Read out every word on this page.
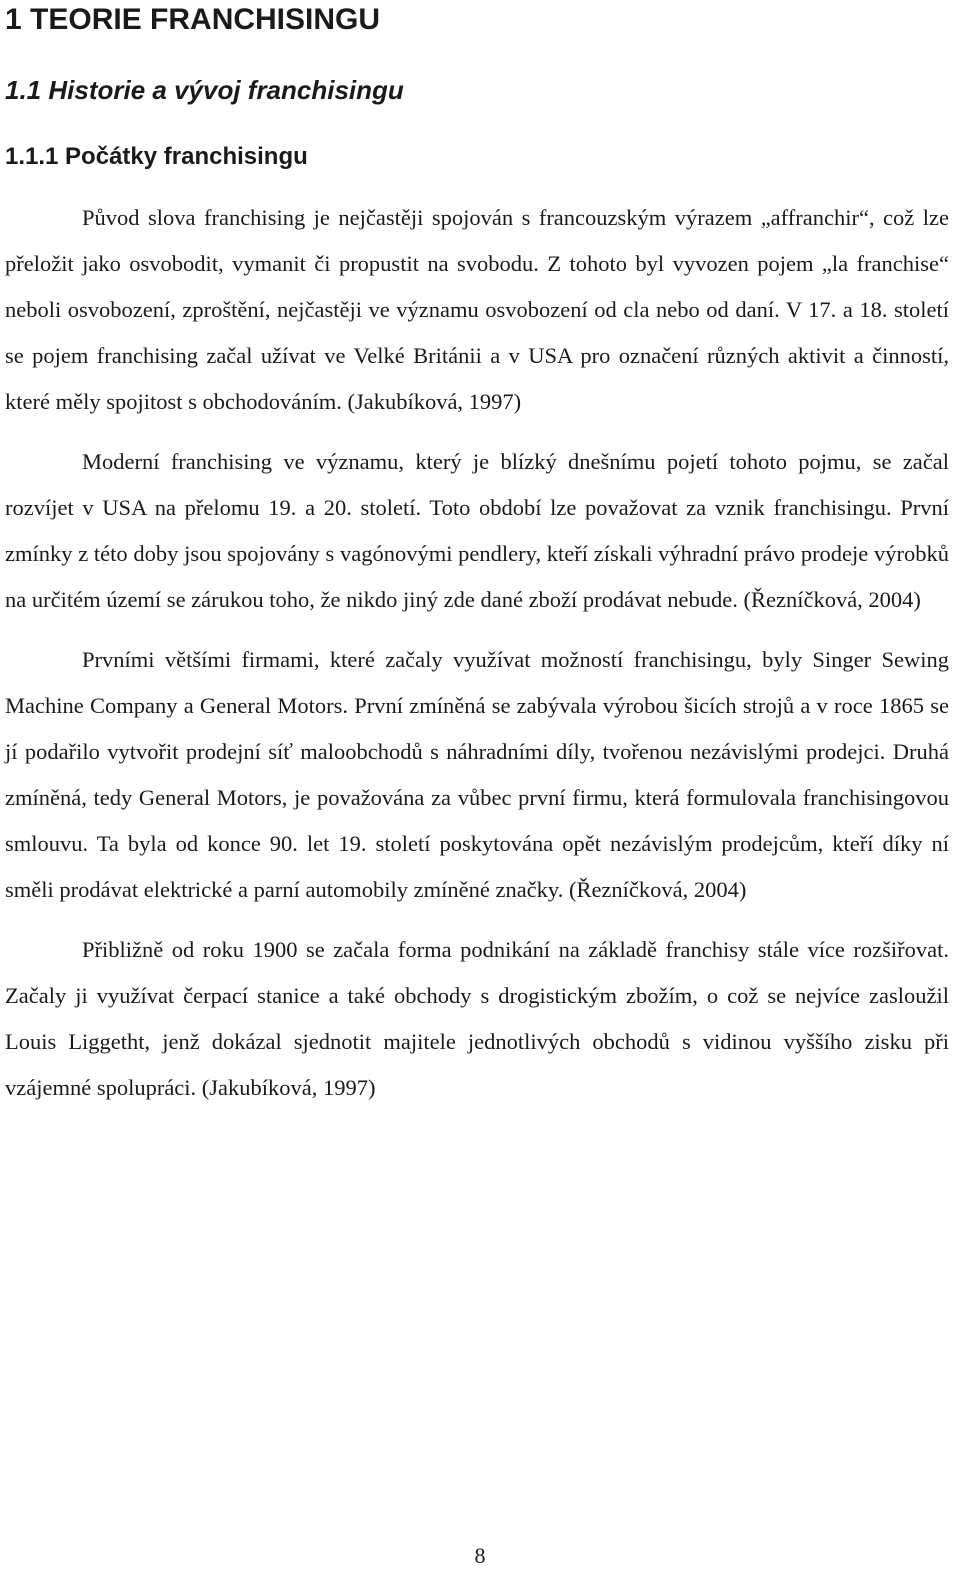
1 TEORIE FRANCHISINGU
1.1 Historie a vývoj franchisingu
1.1.1 Počátky franchisingu

Původ slova franchising je nejčastěji spojován s francouzským výrazem „affranchir“, což lze přeložit jako osvobodit, vymanit či propustit na svobodu. Z tohoto byl vyvozen pojem „la franchise“ neboli osvobození, zproštění, nejčastěji ve významu osvobození od cla nebo od daní. V 17. a 18. století se pojem franchising začal užívat ve Velké Británii a v USA pro označení různých aktivit a činností, které měly spojitost s obchodováním. (Jakubíková, 1997)

Moderní franchising ve významu, který je blízký dnešnímu pojetí tohoto pojmu, se začal rozvíjet v USA na přelomu 19. a 20. století. Toto období lze považovat za vznik franchisingu. První zmínky z této doby jsou spojovány s vagónovými pendlery, kteří získali výhradní právo prodeje výrobků na určitém území se zárukou toho, že nikdo jiný zde dané zboží prodávat nebude. (Řezníčková, 2004)

Prvními většími firmami, které začaly využívat možností franchisingu, byly Singer Sewing Machine Company a General Motors. První zmíněná se zabývala výrobou šicích strojů a v roce 1865 se jí podařilo vytvořit prodejní síť maloobchodů s náhradními díly, tvořenou nezávislými prodejci. Druhá zmíněná, tedy General Motors, je považována za vůbec první firmu, která formulovala franchisingovou smlouvu. Ta byla od konce 90. let 19. století poskytována opět nezávislým prodejcům, kteří díky ní směli prodávat elektrické a parní automobily zmíněné značky. (Řezníčková, 2004)

Přibližně od roku 1900 se začala forma podnikání na základě franchisy stále více rozšiřovat. Začaly ji využívat čerpací stanice a také obchody s drogistickým zbožím, o což se nejvíce zasloužil Louis Liggetht, jenž dokázal sjednotit majitele jednotlivých obchodů s vidinou vyššího zisku při vzájemné spolupráci. (Jakubíková, 1997)

8
